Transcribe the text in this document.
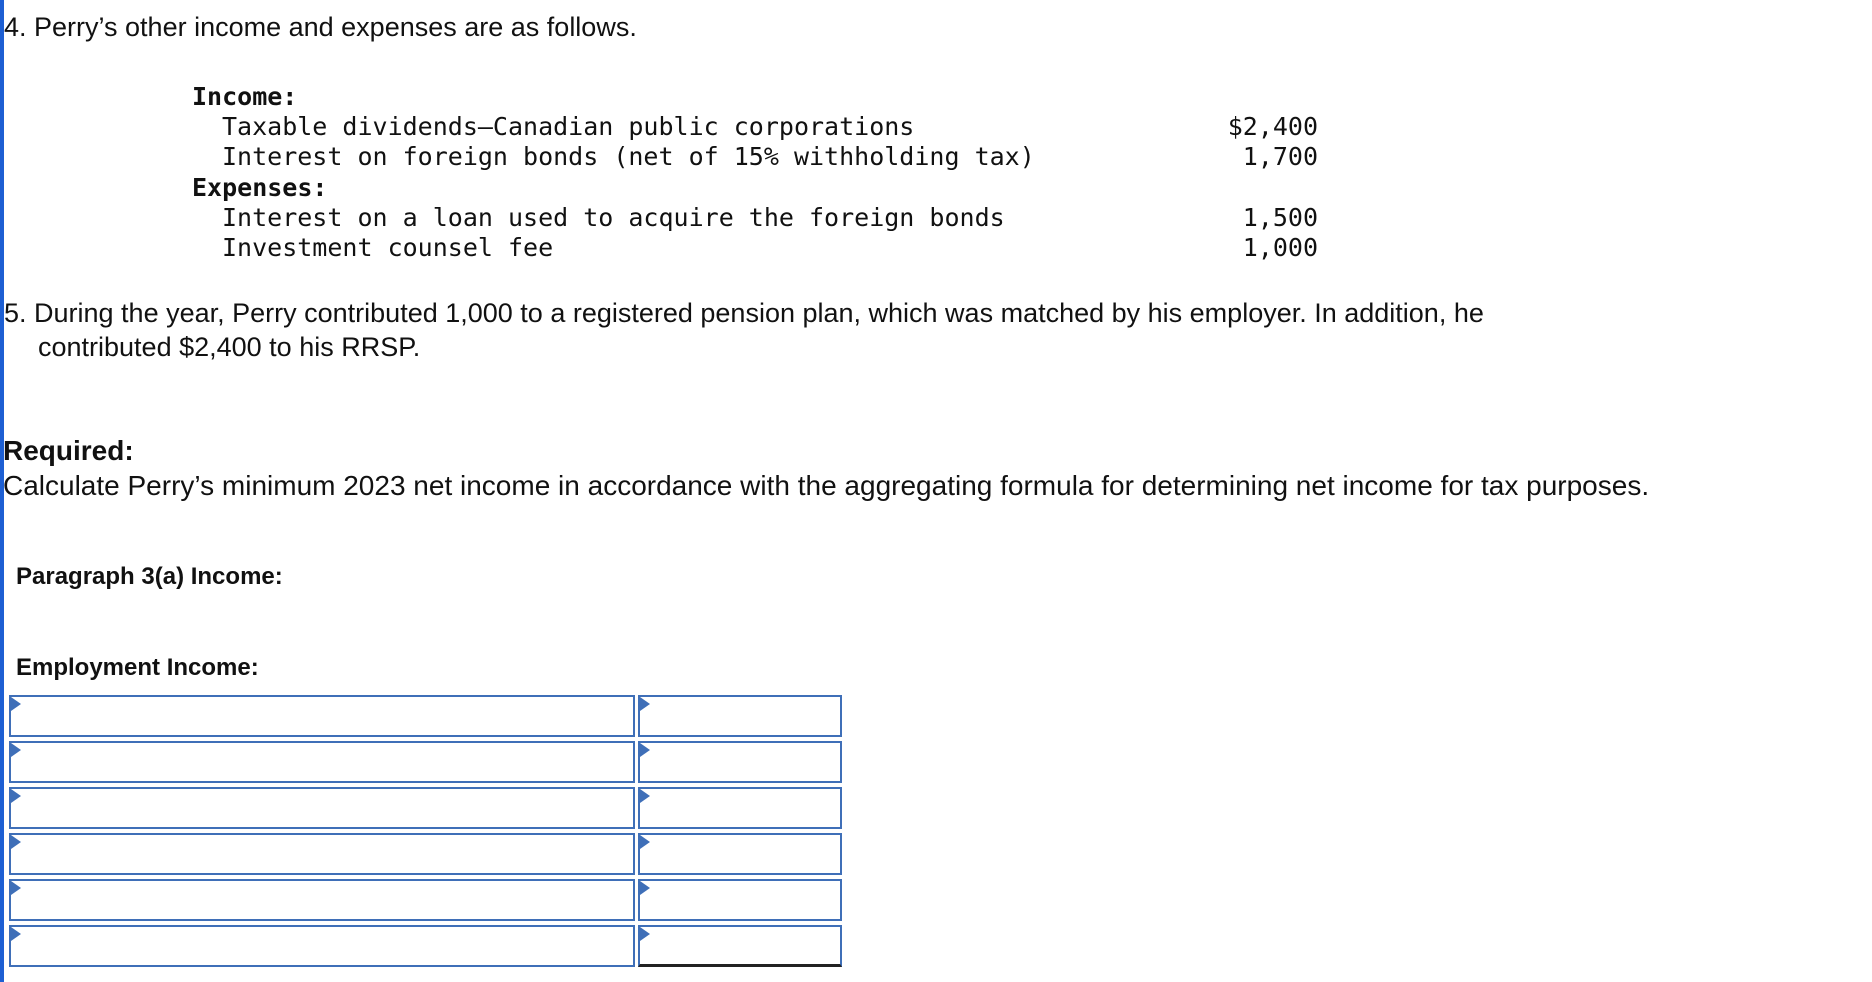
4. Perry’s other income and expenses are as follows.
Income:
Taxable dividends—Canadian public corporations	$2,400
Interest on foreign bonds (net of 15% withholding tax)	1,700
Expenses:
Interest on a loan used to acquire the foreign bonds	1,500
Investment counsel fee	1,000
5. During the year, Perry contributed 1,000 to a registered pension plan, which was matched by his employer. In addition, he
contributed $2,400 to his RRSP.
Required:
Calculate Perry’s minimum 2023 net income in accordance with the aggregating formula for determining net income for tax purposes.
Paragraph 3(a) Income:
Employment Income:
